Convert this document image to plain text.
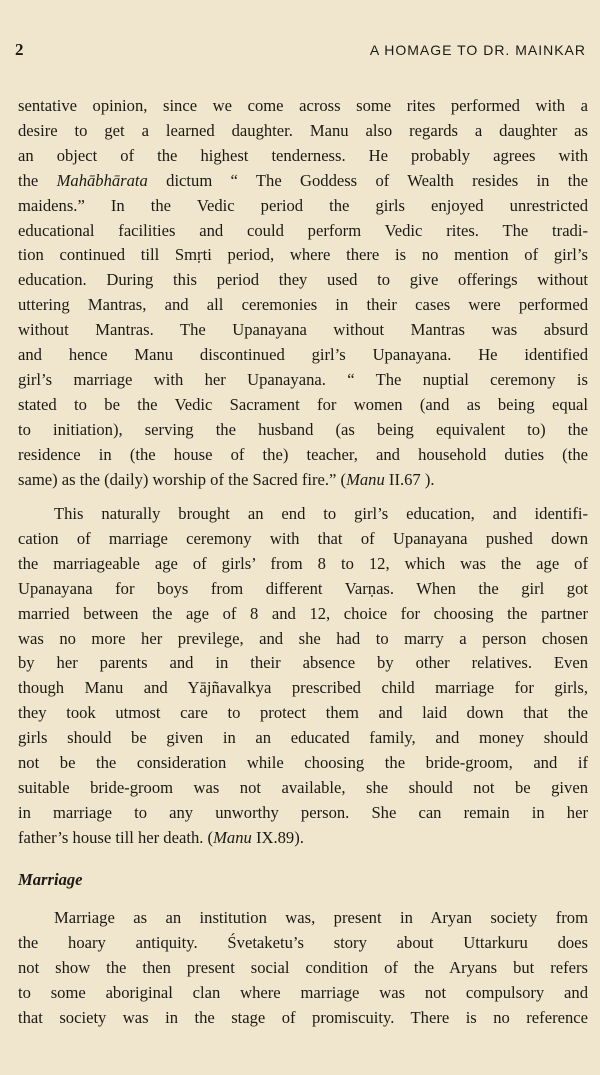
2	A HOMAGE TO DR. MAINKAR

sentative opinion, since we come across some rites performed with a
desire to get a learned daughter. Manu also regards a daughter as
an object of the highest tenderness. He probably agrees with
the Mahābhārata dictum “ The Goddess of Wealth resides in the
maidens.” In the Vedic period the girls enjoyed unrestricted
educational facilities and could perform Vedic rites. The tradi-
tion continued till Smṛti period, where there is no mention of girl’s
education. During this period they used to give offerings without
uttering Mantras, and all ceremonies in their cases were performed
without Mantras. The Upanayana without Mantras was absurd
and hence Manu discontinued girl’s Upanayana. He identified
girl’s marriage with her Upanayana. “ The nuptial ceremony is
stated to be the Vedic Sacrament for women (and as being equal
to initiation), serving the husband (as being equivalent to) the
residence in (the house of the) teacher, and household duties (the
same) as the (daily) worship of the Sacred fire.” (Manu II.67 ).

This naturally brought an end to girl’s education, and identifi-
cation of marriage ceremony with that of Upanayana pushed down
the marriageable age of girls’ from 8 to 12, which was the age of
Upanayana for boys from different Varṇas. When the girl got
married between the age of 8 and 12, choice for choosing the partner
was no more her previlege, and she had to marry a person chosen
by her parents and in their absence by other relatives. Even
though Manu and Yājñavalkya prescribed child marriage for girls,
they took utmost care to protect them and laid down that the
girls should be given in an educated family, and money should
not be the consideration while choosing the bride-groom, and if
suitable bride-groom was not available, she should not be given
in marriage to any unworthy person. She can remain in her
father’s house till her death. (Manu IX.89).

Marriage

Marriage as an institution was, present in Aryan society from
the hoary antiquity. Śvetaketu’s story about Uttarkuru does
not show the then present social condition of the Aryans but refers
to some aboriginal clan where marriage was not compulsory and
that society was in the stage of promiscuity. There is no reference
